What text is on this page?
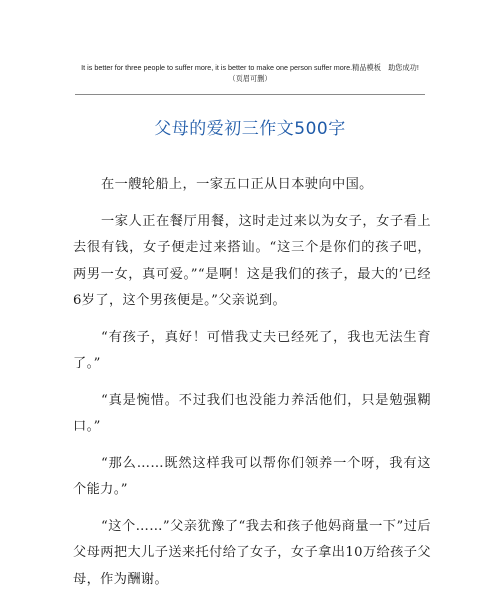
It is better for three people to suffer more, it is better to make one person suffer more.精品模板　助您成功!
（页眉可删）
父母的爱初三作文500字

在一艘轮船上，一家五口正从日本驶向中国。

一家人正在餐厅用餐，这时走过来以为女子，女子看上去很有钱，女子便走过来搭讪。“这三个是你们的孩子吧，两男一女，真可爱。”“是啊！这是我们的孩子，最大的’已经6岁了，这个男孩便是。”父亲说到。

“有孩子，真好！可惜我丈夫已经死了，我也无法生育了。”

“真是惋惜。不过我们也没能力养活他们，只是勉强糊口。”

“那么……既然这样我可以帮你们领养一个呀，我有这个能力。”

“这个……”父亲犹豫了“我去和孩子他妈商量一下”过后父母两把大儿子送来托付给了女子，女子拿出10万给孩子父母，作为酬谢。
